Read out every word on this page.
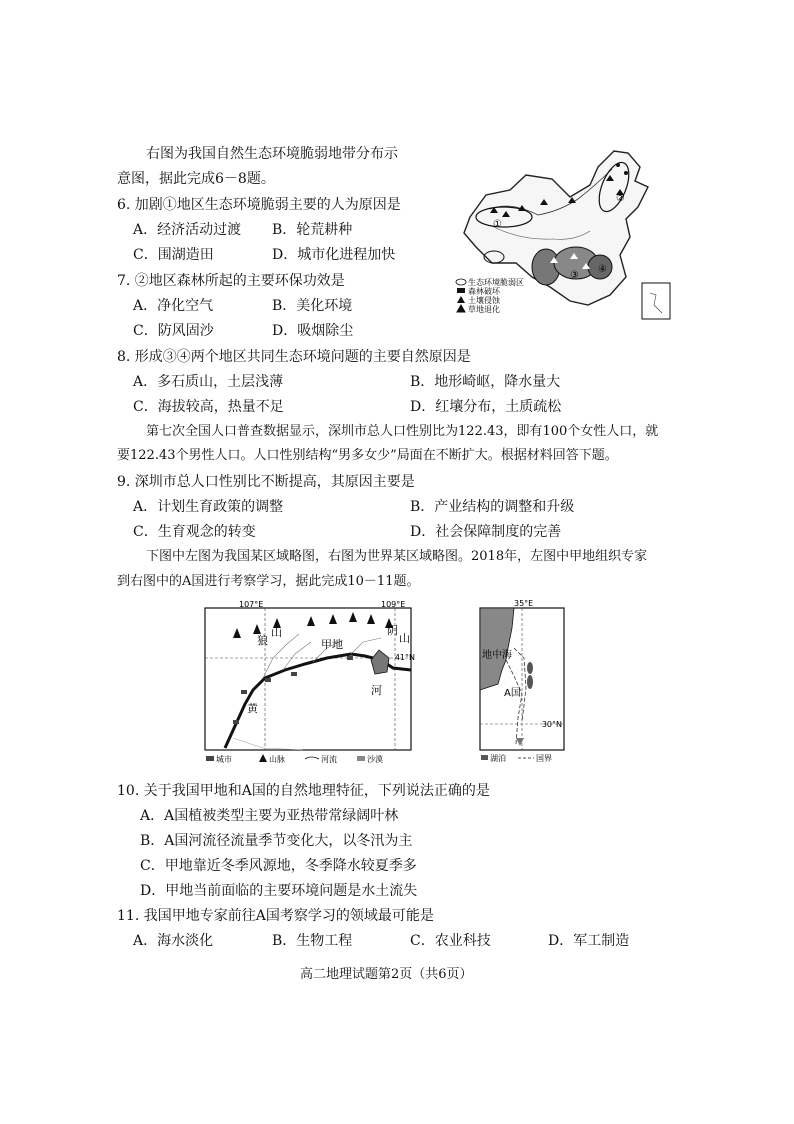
右图为我国自然生态环境脆弱地带分布示
意图，据此完成6－8题。
6. 加剧①地区生态环境脆弱主要的人为原因是
A．经济活动过渡 B．轮荒耕种
C．围湖造田	D．城市化进程加快
7. ②地区森林所起的主要环保功效是
A．净化空气	B．美化环境
C．防风固沙	D．吸烟除尘
①
②
③
④
生态环境脆弱区
森林破坏
土壤侵蚀
草地退化
8. 形成③④两个地区共同生态环境问题的主要自然原因是
A．多石质山，土层浅薄	B．地形崎岖，降水量大
C．海拔较高，热量不足	D．红壤分布，土质疏松
第七次全国人口普查数据显示，深圳市总人口性别比为122.43，即有100个女性人口，就
要122.43个男性人口。人口性别结构“男多女少”局面在不断扩大。根据材料回答下题。
9. 深圳市总人口性别比不断提高，其原因主要是
A．计划生育政策的调整	B．产业结构的调整和升级
C．生育观念的转变	D．社会保障制度的完善
下图中左图为我国某区域略图，右图为世界某区域略图。2018年，左图中甲地组织专家
到右图中的A国进行考察学习，据此完成10－11题。
107°E	109°E
41°N
狼
山	阴
山
甲地
黄
河
城市	山脉	河流	沙漠
35°E
30°N
地中海
A国
湖泊	国界
10. 关于我国甲地和A国的自然地理特征，下列说法正确的是
A．A国植被类型主要为亚热带常绿阔叶林
B．A国河流径流量季节变化大，以冬汛为主
C．甲地靠近冬季风源地，冬季降水较夏季多
D．甲地当前面临的主要环境问题是水土流失
11. 我国甲地专家前往A国考察学习的领域最可能是
A．海水淡化	B．生物工程	C．农业科技	D．军工制造
高二地理试题第2页（共6页）
